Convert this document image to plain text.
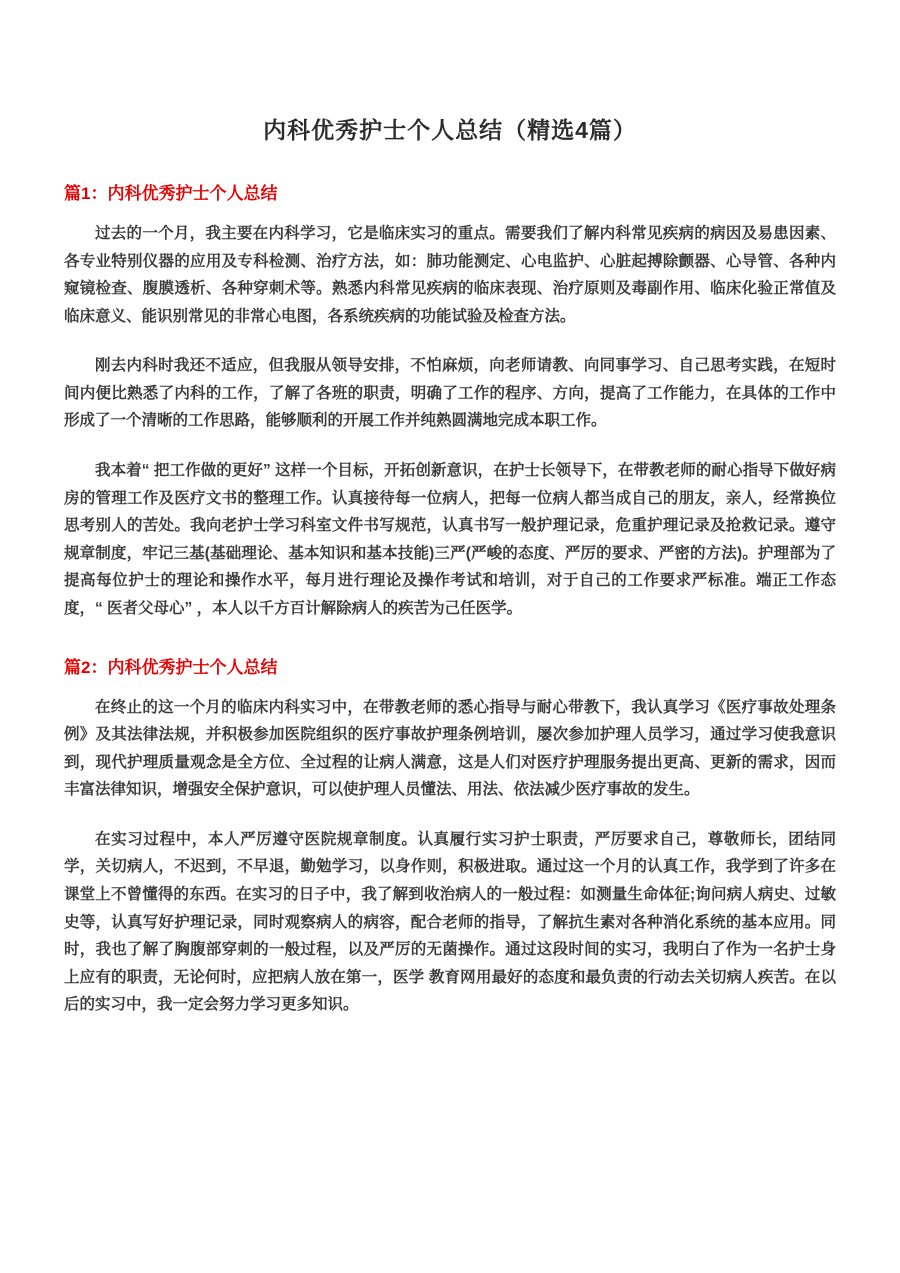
内科优秀护士个人总结（精选4篇）
篇1：内科优秀护士个人总结

过去的一个月，我主要在内科学习，它是临床实习的重点。需要我们了解内科常见疾病的病因及易患因素、各专业特别仪器的应用及专科检测、治疗方法，如：肺功能测定、心电监护、心脏起搏除颤器、心导管、各种内窥镜检查、腹膜透析、各种穿刺术等。熟悉内科常见疾病的临床表现、治疗原则及毒副作用、临床化验正常值及临床意义、能识别常见的非常心电图，各系统疾病的功能试验及检查方法。

刚去内科时我还不适应，但我服从领导安排，不怕麻烦，向老师请教、向同事学习、自己思考实践，在短时间内便比熟悉了内科的工作，了解了各班的职责，明确了工作的程序、方向，提高了工作能力，在具体的工作中形成了一个清晰的工作思路，能够顺利的开展工作并纯熟圆满地完成本职工作。

我本着“ 把工作做的更好” 这样一个目标，开拓创新意识，在护士长领导下，在带教老师的耐心指导下做好病房的管理工作及医疗文书的整理工作。认真接待每一位病人，把每一位病人都当成自己的朋友，亲人，经常换位思考别人的苦处。我向老护士学习科室文件书写规范，认真书写一般护理记录，危重护理记录及抢救记录。遵守规章制度，牢记三基(基础理论、基本知识和基本技能)三严(严峻的态度、严厉的要求、严密的方法)。护理部为了提高每位护士的理论和操作水平，每月进行理论及操作考试和培训，对于自己的工作要求严标准。端正工作态度，“ 医者父母心” ，本人以千方百计解除病人的疾苦为己任医学。

篇2：内科优秀护士个人总结

在终止的这一个月的临床内科实习中，在带教老师的悉心指导与耐心带教下，我认真学习《医疗事故处理条例》及其法律法规，并积极参加医院组织的医疗事故护理条例培训，屡次参加护理人员学习，通过学习使我意识到，现代护理质量观念是全方位、全过程的让病人满意，这是人们对医疗护理服务提出更高、更新的需求，因而丰富法律知识，增强安全保护意识，可以使护理人员懂法、用法、依法减少医疗事故的发生。

在实习过程中，本人严厉遵守医院规章制度。认真履行实习护士职责，严厉要求自己，尊敬师长，团结同学，关切病人，不迟到，不早退，勤勉学习，以身作则，积极进取。通过这一个月的认真工作，我学到了许多在课堂上不曾懂得的东西。在实习的日子中，我了解到收治病人的一般过程：如测量生命体征;询问病人病史、过敏史等，认真写好护理记录，同时观察病人的病容，配合老师的指导，了解抗生素对各种消化系统的基本应用。同时，我也了解了胸腹部穿刺的一般过程，以及严厉的无菌操作。通过这段时间的实习，我明白了作为一名护士身上应有的职责，无论何时，应把病人放在第一，医学 教育网用最好的态度和最负责的行动去关切病人疾苦。在以后的实习中，我一定会努力学习更多知识。
